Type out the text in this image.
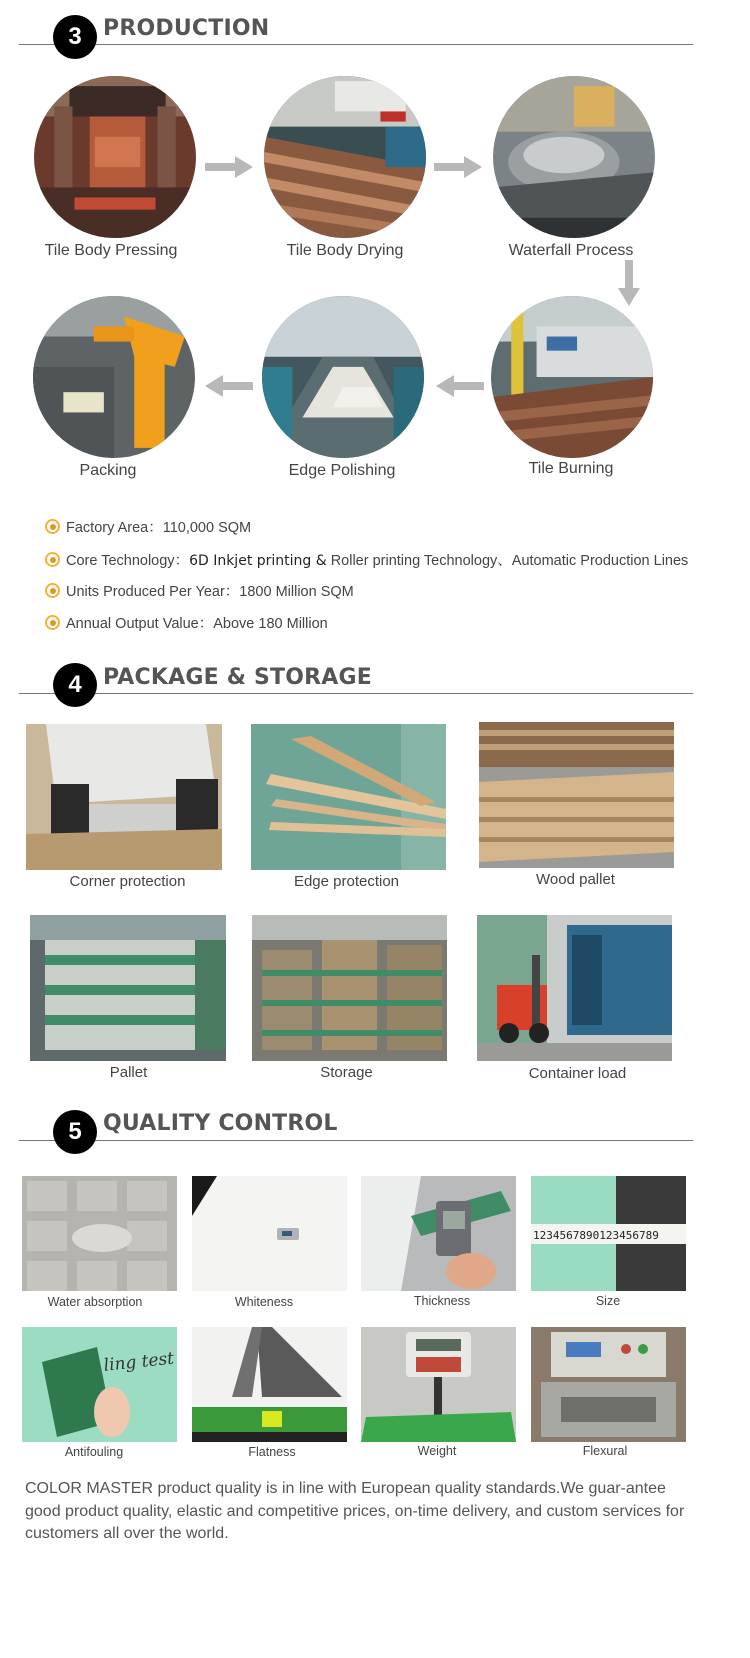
3 PRODUCTION
Tile Body Pressing	Tile Body Drying	Waterfall Process
Tile Burning
Edge Polishing
Packing
Factory Area：110,000 SQM
Core Technology：6D Inkjet printing & Roller printing Technology、Automatic Production Lines
Units Produced Per Year：1800 Million SQM
Annual Output Value：Above 180 Million
4 PACKAGE & STORAGE
Corner protection	Edge protection	Wood pallet
Pallet	Storage	Container load
5 QUALITY CONTROL
Water absorption	Whiteness	Thickness
1234567890123456789
Size
ling test
Antifouling	Flatness	Weight	Flexural
COLOR MASTER product quality is in line with European quality standards.We guar-antee good product quality, elastic and competitive prices, on-time delivery, and custom services for customers all over the world.
